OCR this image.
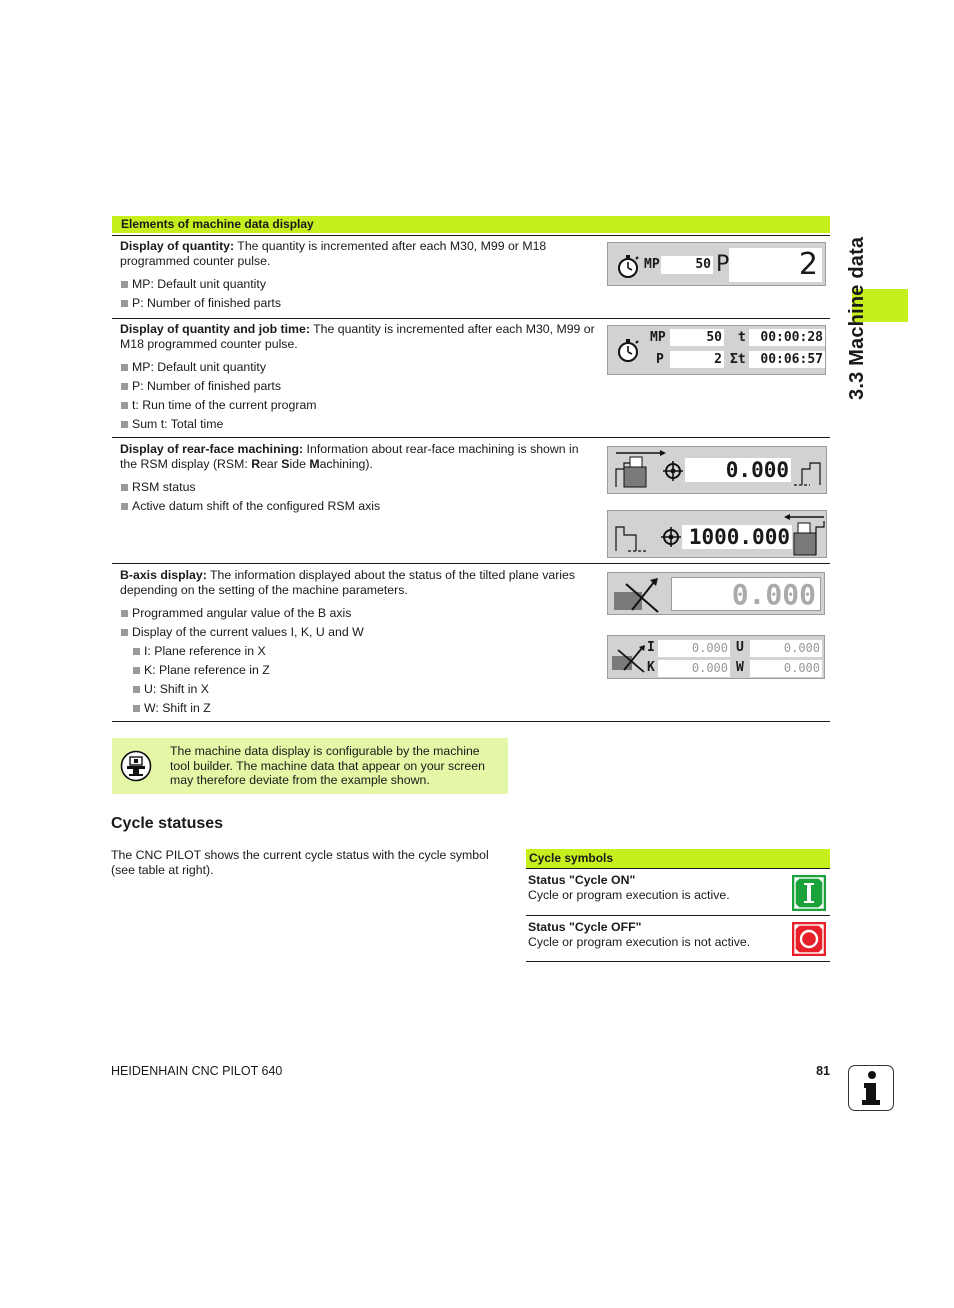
3.3 Machine data
Elements of machine data display
Display of quantity: The quantity is incremented after each M30, M99 or M18 programmed counter pulse.
MP: Default unit quantity
P: Number of finished parts
MP	50 P	2
Display of quantity and job time: The quantity is incremented after each M30, M99 or M18 programmed counter pulse.
MP: Default unit quantity
P: Number of finished parts
t: Run time of the current program
Sum t: Total time
MP	50 t	00:00:28
P	2 Σt	00:06:57
Display of rear-face machining: Information about rear-face machining is shown in the RSM display (RSM: Rear Side Machining).
RSM status
Active datum shift of the configured RSM axis
0.000
1000.000
B-axis display: The information displayed about the status of the tilted plane varies depending on the setting of the machine parameters.
Programmed angular value of the B axis
Display of the current values I, K, U and W
I: Plane reference in X
K: Plane reference in Z
U: Shift in X
W: Shift in Z
0.000
I	0.000 U	0.000
K	0.000 W	0.000
The machine data display is configurable by the machine tool builder. The machine data that appear on your screen may therefore deviate from the example shown.
Cycle statuses
The CNC PILOT shows the current cycle status with the cycle symbol (see table at right).
Cycle symbols
Status "Cycle ON"
Cycle or program execution is active.
Status "Cycle OFF"
Cycle or program execution is not active.
HEIDENHAIN CNC PILOT 640	81
